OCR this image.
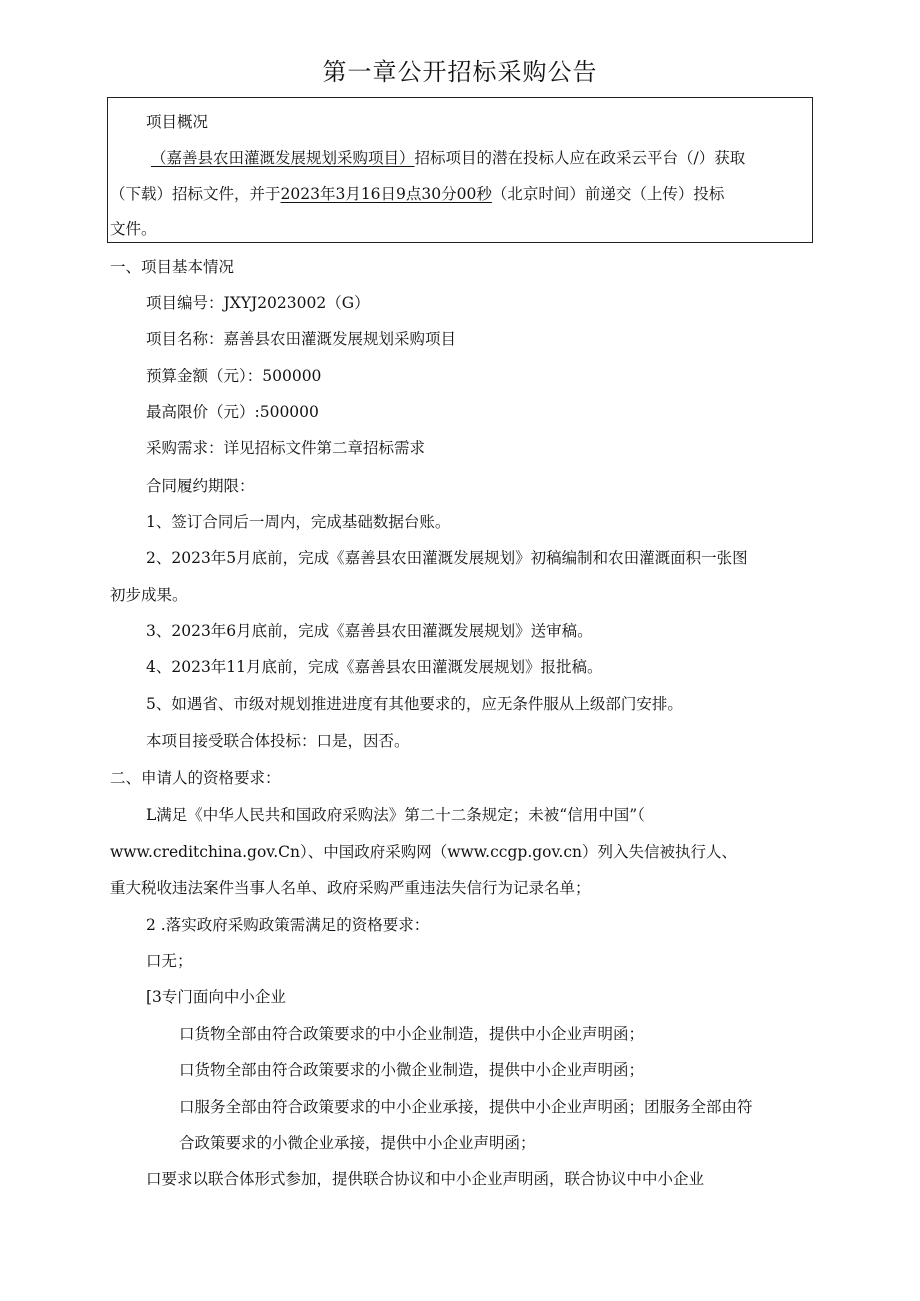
第一章公开招标采购公告
项目概况
（嘉善县农田灌溉发展规划采购项目）招标项目的潜在投标人应在政采云平台（/）获取
（下载）招标文件，并于2023年3月16日9点30分00秒（北京时间）前递交（上传）投标
文件。
一、项目基本情况
项目编号：JXYJ2023002（G）
项目名称：嘉善县农田灌溉发展规划采购项目
预算金额（元）：500000
最高限价（元）:500000
采购需求：详见招标文件第二章招标需求
合同履约期限：
1、签订合同后一周内，完成基础数据台账。
2、2023年5月底前，完成《嘉善县农田灌溉发展规划》初稿编制和农田灌溉面积一张图
初步成果。
3、2023年6月底前，完成《嘉善县农田灌溉发展规划》送审稿。
4、2023年11月底前，完成《嘉善县农田灌溉发展规划》报批稿。
5、如遇省、市级对规划推进进度有其他要求的，应无条件服从上级部门安排。
本项目接受联合体投标：口是，因否。
二、申请人的资格要求：
L满足《中华人民共和国政府采购法》第二十二条规定；未被“信用中国”（
www.creditchina.gov.Cn）、中国政府采购网（www.ccgp.gov.cn）列入失信被执行人、
重大税收违法案件当事人名单、政府采购严重违法失信行为记录名单；
2 .落实政府采购政策需满足的资格要求：
口无；
[3专门面向中小企业
口货物全部由符合政策要求的中小企业制造，提供中小企业声明函；
口货物全部由符合政策要求的小微企业制造，提供中小企业声明函；
口服务全部由符合政策要求的中小企业承接，提供中小企业声明函；团服务全部由符
合政策要求的小微企业承接，提供中小企业声明函；
口要求以联合体形式参加，提供联合协议和中小企业声明函，联合协议中中小企业
